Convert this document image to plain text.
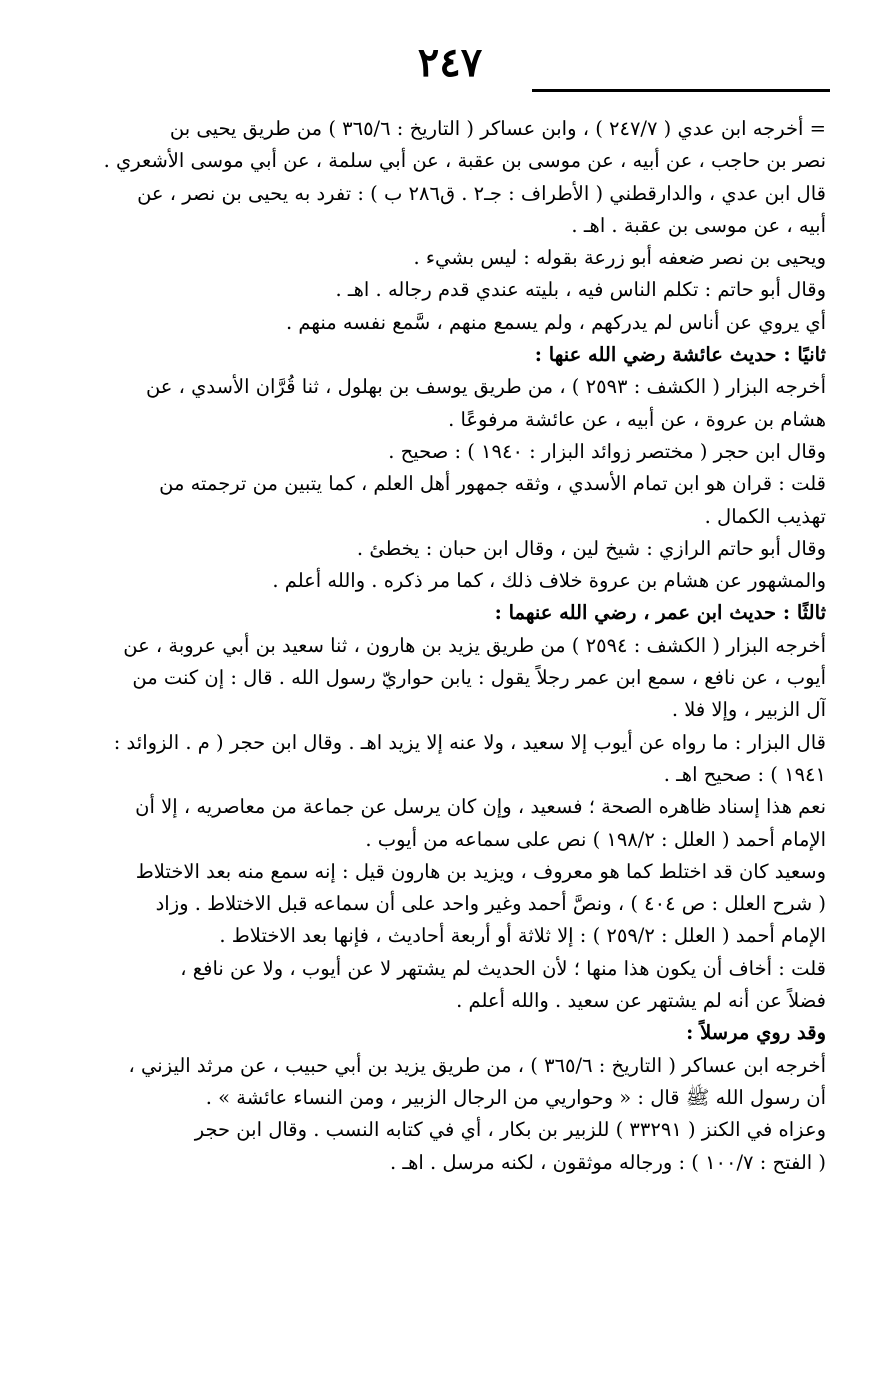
٢٤٧
= أخرجه ابن عدي ( ٢٤٧/٧ ) ، وابن عساكر ( التاريخ : ٣٦٥/٦ ) من طريق يحيى بن
نصر بن حاجب ، عن أبيه ، عن موسى بن عقبة ، عن أبي سلمة ، عن أبي موسى الأشعري .
قال ابن عدي ، والدارقطني ( الأطراف : جـ٢ . ق٢٨٦ ب ) : تفرد به يحيى بن نصر ، عن
أبيه ، عن موسى بن عقبة . اهـ .
ويحيى بن نصر ضعفه أبو زرعة بقوله : ليس بشيء .
وقال أبو حاتم : تكلم الناس فيه ، بليته عندي قدم رجاله . اهـ .
أي يروي عن أناس لم يدركهم ، ولم يسمع منهم ، سَّمع نفسه منهم .
ثانيًا : حديث عائشة رضي الله عنها :
أخرجه البزار ( الكشف : ٢٥٩٣ ) ، من طريق يوسف بن بهلول ، ثنا قُرَّان الأسدي ، عن
هشام بن عروة ، عن أبيه ، عن عائشة مرفوعًا .
وقال ابن حجر ( مختصر زوائد البزار : ١٩٤٠ ) : صحيح .
قلت : قران هو ابن تمام الأسدي ، وثقه جمهور أهل العلم ، كما يتبين من ترجمته من
تهذيب الكمال .
وقال أبو حاتم الرازي : شيخ لين ، وقال ابن حبان : يخطئ .
والمشهور عن هشام بن عروة خلاف ذلك ، كما مر ذكره . والله أعلم .
ثالثًا : حديث ابن عمر ، رضي الله عنهما :
أخرجه البزار ( الكشف : ٢٥٩٤ ) من طريق يزيد بن هارون ، ثنا سعيد بن أبي عروبة ، عن
أيوب ، عن نافع ، سمع ابن عمر رجلاً يقول : يابن حواريّ رسول الله . قال : إن كنت من
آل الزبير ، وإلا فلا .
قال البزار : ما رواه عن أيوب إلا سعيد ، ولا عنه إلا يزيد اهـ . وقال ابن حجر ( م . الزوائد :
١٩٤١ ) : صحيح اهـ .
نعم هذا إسناد ظاهره الصحة ؛ فسعيد ، وإن كان يرسل عن جماعة من معاصريه ، إلا أن
الإمام أحمد ( العلل : ١٩٨/٢ ) نص على سماعه من أيوب .
وسعيد كان قد اختلط كما هو معروف ، ويزيد بن هارون قيل : إنه سمع منه بعد الاختلاط
( شرح العلل : ص ٤٠٤ ) ، ونصَّ أحمد وغير واحد على أن سماعه قبل الاختلاط . وزاد
الإمام أحمد ( العلل : ٢٥٩/٢ ) : إلا ثلاثة أو أربعة أحاديث ، فإنها بعد الاختلاط .
قلت : أخاف أن يكون هذا منها ؛ لأن الحديث لم يشتهر لا عن أيوب ، ولا عن نافع ،
فضلاً عن أنه لم يشتهر عن سعيد . والله أعلم .
وقد روي مرسلاً :
أخرجه ابن عساكر ( التاريخ : ٣٦٥/٦ ) ، من طريق يزيد بن أبي حبيب ، عن مرثد اليزني ،
أن رسول الله ﷺ قال : « وحواريي من الرجال الزبير ، ومن النساء عائشة » .
وعزاه في الكنز ( ٣٣٢٩١ ) للزبير بن بكار ، أي في كتابه النسب . وقال ابن حجر
( الفتح : ١٠٠/٧ ) : ورجاله موثقون ، لكنه مرسل . اهـ .
